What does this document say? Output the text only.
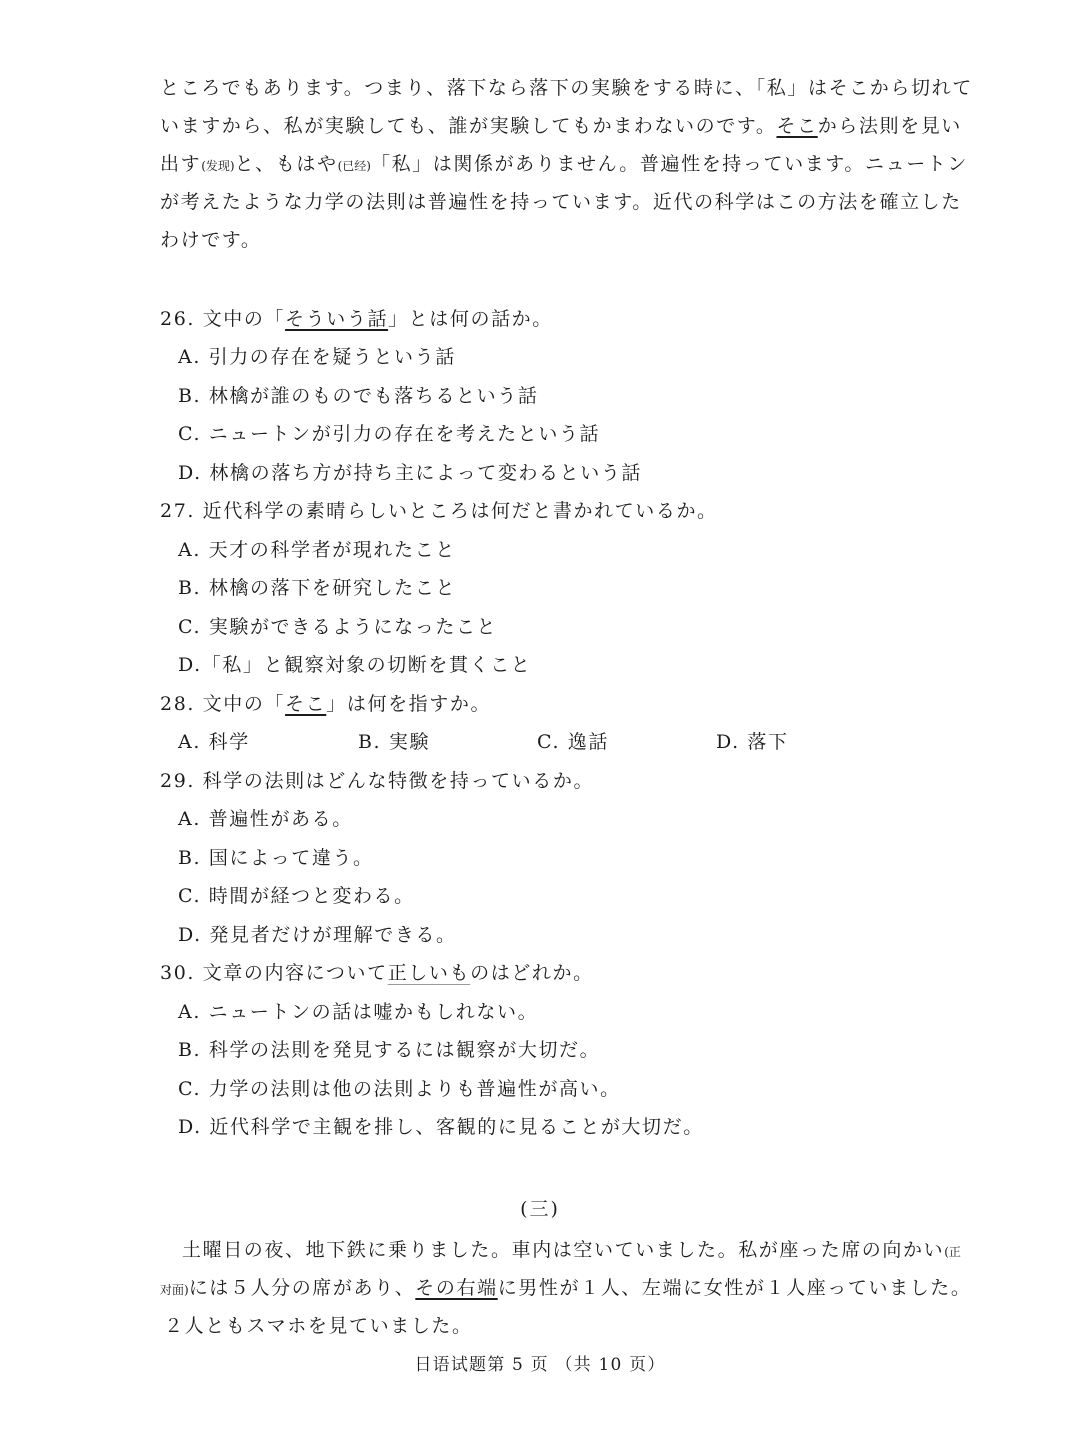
ところでもあります。つまり、落下なら落下の実験をする時に、「私」はそこから切れて
いますから、私が実験しても、誰が実験してもかまわないのです。そこから法則を見い
出す(发现)と、もはや(已经)「私」は関係がありません。普遍性を持っています。ニュートン
が考えたような力学の法則は普遍性を持っています。近代の科学はこの方法を確立した
わけです。
26. 文中の「そういう話」とは何の話か。
A. 引力の存在を疑うという話
B. 林檎が誰のものでも落ちるという話
C. ニュートンが引力の存在を考えたという話
D. 林檎の落ち方が持ち主によって変わるという話
27. 近代科学の素晴らしいところは何だと書かれているか。
A. 天才の科学者が現れたこと
B. 林檎の落下を研究したこと
C. 実験ができるようになったこと
D.「私」と観察対象の切断を貫くこと
28. 文中の「そこ」は何を指すか。
A. 科学	B. 実験	C. 逸話	D. 落下
29. 科学の法則はどんな特徴を持っているか。
A. 普遍性がある。
B. 国によって違う。
C. 時間が経つと変わる。
D. 発見者だけが理解できる。
30. 文章の内容について正しいものはどれか。
A. ニュートンの話は嘘かもしれない。
B. 科学の法則を発見するには観察が大切だ。
C. 力学の法則は他の法則よりも普遍性が高い。
D. 近代科学で主観を排し、客観的に見ることが大切だ。
(三)
土曜日の夜、地下鉄に乗りました。車内は空いていました。私が座った席の向かい(正
对面)には５人分の席があり、その右端に男性が１人、左端に女性が１人座っていました。
２人ともスマホを見ていました。
日语试题第 5 页 （共 10 页）
